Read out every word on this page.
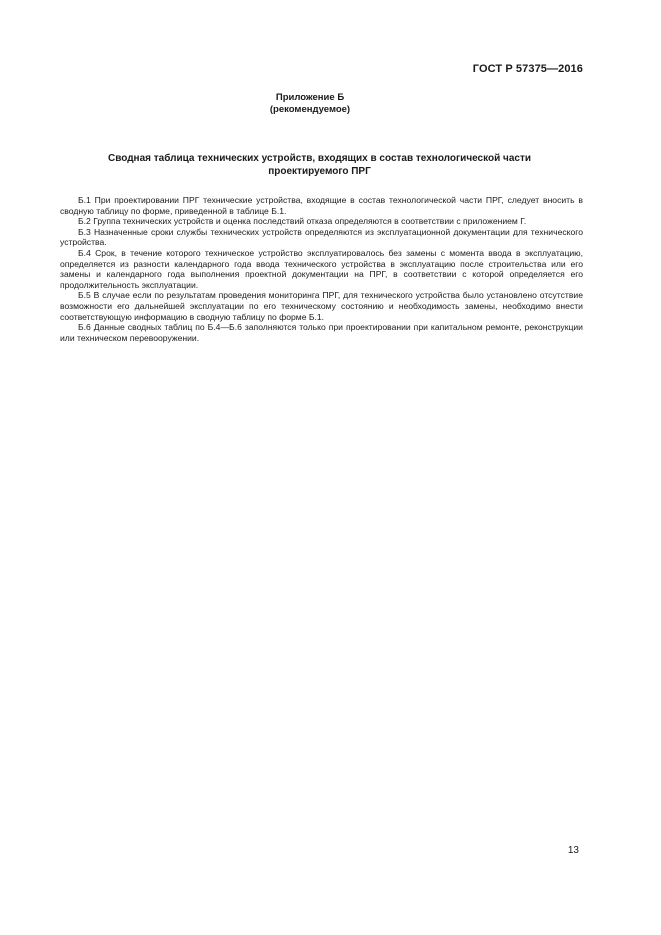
ГОСТ Р 57375—2016
Приложение Б
(рекомендуемое)
Сводная таблица технических устройств, входящих в состав технологической части
проектируемого ПРГ

Б.1 При проектировании ПРГ технические устройства, входящие в состав технологической части ПРГ, следует вносить в сводную таблицу по форме, приведенной в таблице Б.1.

Б.2 Группа технических устройств и оценка последствий отказа определяются в соответствии с приложением Г.

Б.3 Назначенные сроки службы технических устройств определяются из эксплуатационной документации для технического устройства.

Б.4 Срок, в течение которого техническое устройство эксплуатировалось без замены с момента ввода в эксплуатацию, определяется из разности календарного года ввода технического устройства в эксплуатацию после строительства или его замены и календарного года выполнения проектной документации на ПРГ, в соответствии с которой определяется его продолжительность эксплуатации.

Б.5 В случае если по результатам проведения мониторинга ПРГ, для технического устройства было установлено отсутствие возможности его дальнейшей эксплуатации по его техническому состоянию и необходимость замены, необходимо внести соответствующую информацию в сводную таблицу по форме Б.1.

Б.6 Данные сводных таблиц по Б.4—Б.6 заполняются только при проектировании при капитальном ремонте, реконструкции или техническом перевооружении.

13
